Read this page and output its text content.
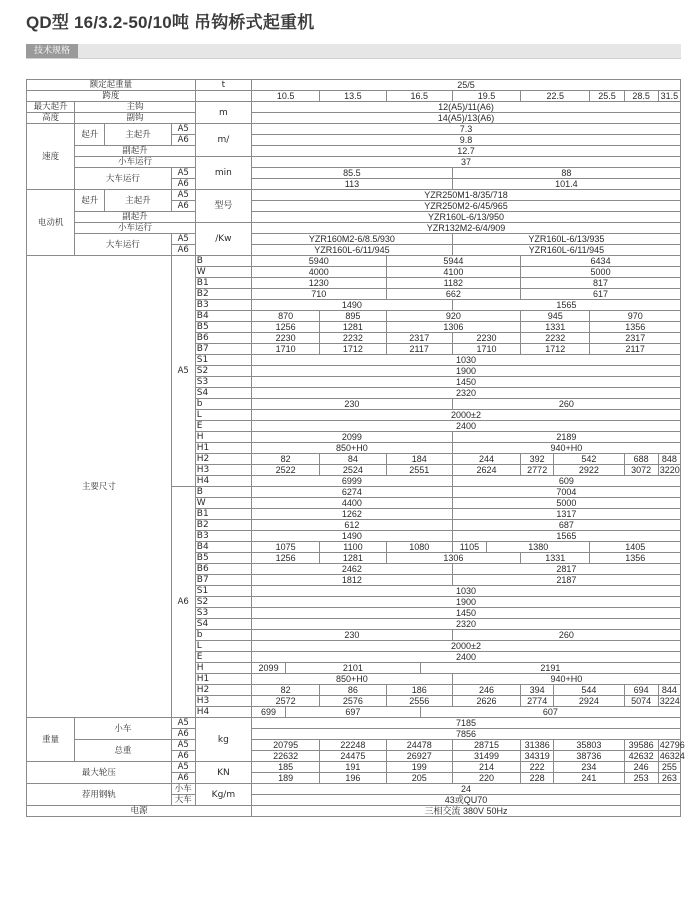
QD型 16/3.2-50/10吨 吊钩桥式起重机
技术规格
额定起重量				t	25/5											
跨度					10.5		13.5	16.5		19.5		22.5		25.5	28.5	31.5
最大起升	主钩			m	12(A5)/11(A6)											
高度	副钩				14(A5)/13(A6)											
速度	起升	主起升	A5	m/	7.3											
			A6		9.8											
	副起升				12.7											
	小车运行			min	37											
	大车运行		A5		85.5					88						
			A6		113					101.4						
电动机	起升	主起升	A5	型号	YZR250M1-8/35/718											
			A6		YZR250M2-6/45/965											
	副起升				YZR160L-6/13/950											
	小车运行			/Kw	YZR132M2-6/4/909											
	大车运行		A5		YZR160M2-6/8.5/930					YZR160L-6/13/935						
			A6		YZR160L-6/11/945					YZR160L-6/11/945						
主要尺寸			A5	B	5940			5944				6434				
				W	4000			4100				5000				
				B1	1230			1182				817				
				B2	710			662				617				
				B3	1490					1565						
				B4	870		895	920				945		970		
				B5	1256		1281	1306				1331		1356		
				B6	2230		2232	2317		2230		2232		2317		
				B7	1710		1712	2117		1710		1712		2117		
				S1	1030											
				S2	1900											
				S3	1450											
				S4	2320											
				b	230					260						
				L	2000±2											
				E	2400											
				H	2099					2189						
				H1	850+H0					940+H0						
				H2	82		84	184		244		392	542		688	848
				H3	2522		2524	2551		2624		2772	2922		3072	3220
				H4	6999					609						
			A6	B	6274					7004						
				W	4400					5000						
				B1	1262					1317						
				B2	612					687						
				B3	1490					1565						
				B4	1075		1100	1080		1105	1380			1405		
				B5	1256		1281	1306				1331		1356		
				B6	2462					2817						
				B7	1812					2187						
				S1	1030											
				S2	1900											
				S3	1450											
				S4	2320											
				b	230					260						
				L	2000±2											
				E	2400											
				H	2099	2101			2191							
				H1	850+H0					940+H0						
				H2	82		86	186		246		394	544		694	844
				H3	2572		2576	2556		2626		2774	2924		5074	3224
				H4	699	697			607							
重量	小车		A5	kg	7185											
			A6		7856											
	总重		A5		20795		22248	24478		28715		31386	35803		39586	42796
			A6		22632		24475	26927		31499		34319	38736		42632	46324
最大轮压			A5	KN	185		191	199		214		222	234		246	255
			A6		189		196	205		220		228	241		253	263
荐用钢轨			小车	Kg/m	24											
			大车		43或QU70											
电源					三相交流 380V 50Hz											
